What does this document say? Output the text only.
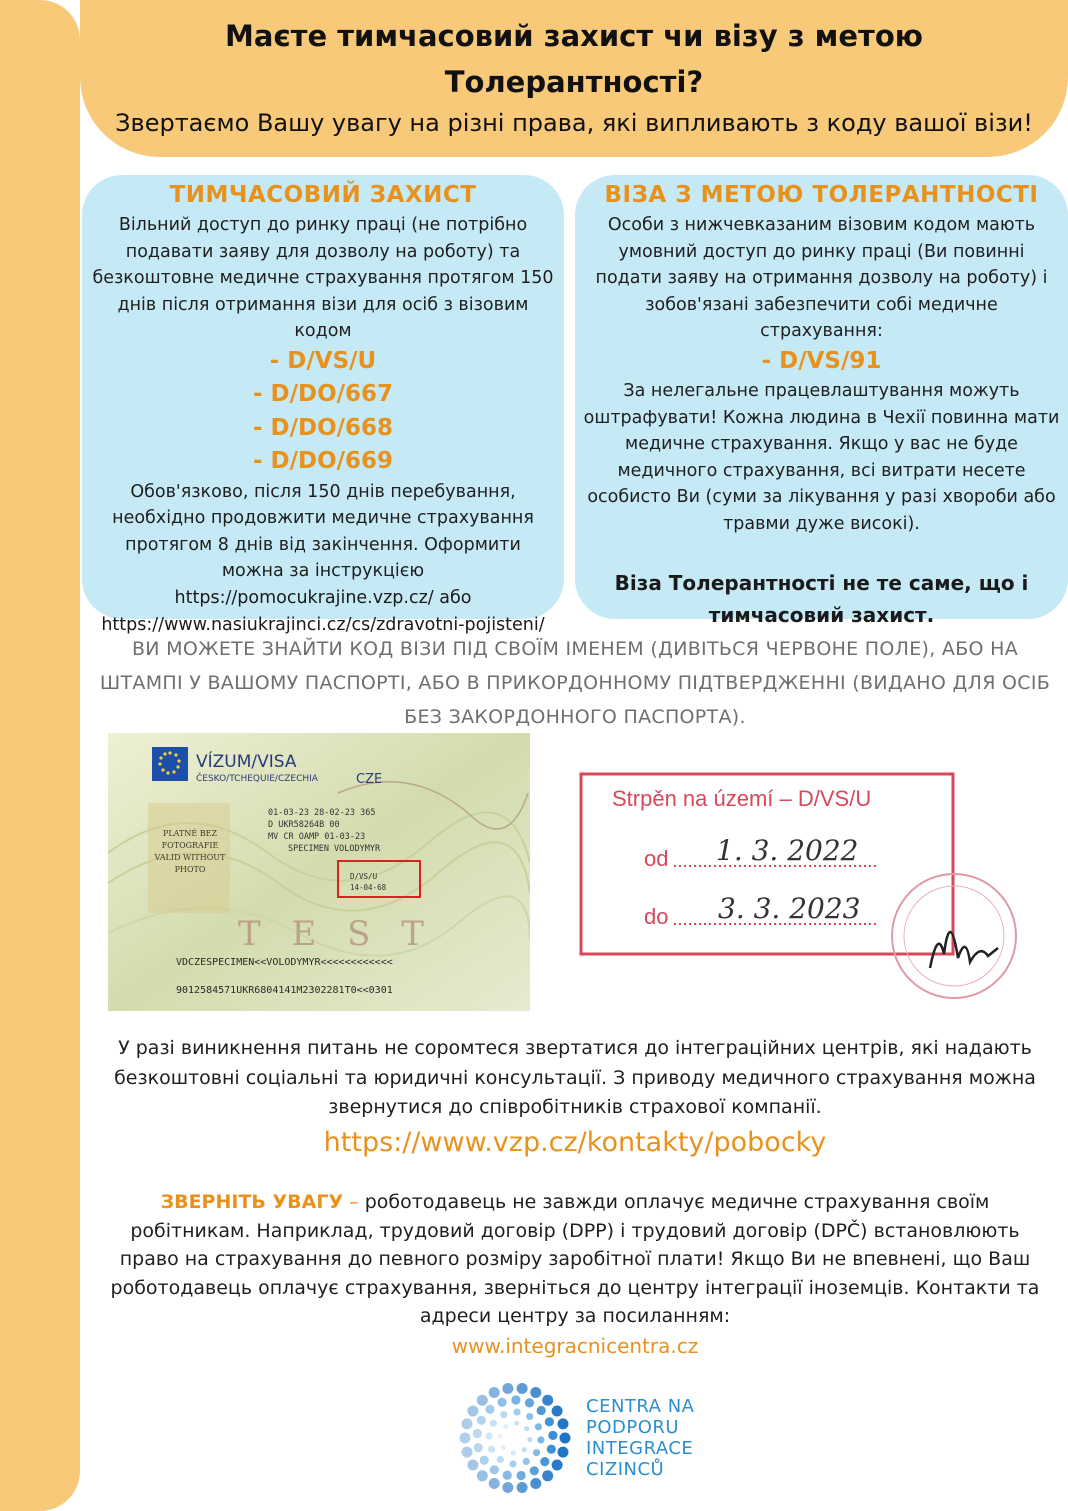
Маєте тимчасовий захист чи візу з метою Толерантності?
Звертаємо Вашу увагу на різні права, які випливають з коду вашої візи!
ТИМЧАСОВИЙ ЗАХИСТ
Вільний доступ до ринку праці (не потрібно подавати заяву для дозволу на роботу) та безкоштовне медичне страхування протягом 150 днів після отримання візи для осіб з візовим кодом
- D/VS/U
- D/DO/667
- D/DO/668
- D/DO/669
Обов'язково, після 150 днів перебування, необхідно продовжити медичне страхування протягом 8 днів від закінчення. Оформити можна за інструкцією
https://pomocukrajine.vzp.cz/ або
https://www.nasiukrajinci.cz/cs/zdravotni-pojisteni/
ВІЗА З МЕТОЮ ТОЛЕРАНТНОСТІ
Особи з нижчевказаним візовим кодом мають умовний доступ до ринку праці (Ви повинні подати заяву на отримання дозволу на роботу) і зобов'язані забезпечити собі медичне страхування:
- D/VS/91
За нелегальне працевлаштування можуть оштрафувати! Кожна людина в Чехії повинна мати медичне страхування. Якщо у вас не буде медичного страхування, всі витрати несете особисто Ви (суми за лікування у разі хвороби або травми дуже високі).
Віза Толерантності не те саме, що і тимчасовий захист.
ВИ МОЖЕТЕ ЗНАЙТИ КОД ВІЗИ ПІД СВОЇМ ІМЕНЕМ (ДИВІТЬСЯ ЧЕРВОНЕ ПОЛЕ), АБО НА ШТАМПІ У ВАШОМУ ПАСПОРТІ, АБО В ПРИКОРДОННОМУ ПІДТВЕРДЖЕННІ (ВИДАНО ДЛЯ ОСІБ БЕЗ ЗАКОРДОННОГО ПАСПОРТА).
VÍZUM/VISA
ČESKO/TCHEQUIE/CZECHIA	CZE
PLATNÉ BEZ FOTOGRAFIE VALID WITHOUT PHOTO
01-03-23 28-02-23 365
D UKR58264B 00
MV CR OAMP 01-03-23
SPECIMEN VOLODYMYR
D/VS/U
14-04-68
T E S T
VDCZESPECIMEN<<VOLODYMYR<<<<<<<<<<<<
9012584571UKR6804141M2302281T0<<0301
Strpěn na území – D/VS/U
od 1. 3. 2022
do 3. 3. 2023
У разі виникнення питань не соромтеся звертатися до інтеграційних центрів, які надають безкоштовні соціальні та юридичні консультації. З приводу медичного страхування можна звернутися до співробітників страхової компанії.
https://www.vzp.cz/kontakty/pobocky
ЗВЕРНІТЬ УВАГУ – роботодавець не завжди оплачує медичне страхування своїм робітникам. Наприклад, трудовий договір (DPP) і трудовий договір (DPČ) встановлюють право на страхування до певного розміру заробітної плати! Якщо Ви не впевнені, що Ваш роботодавець оплачує страхування, зверніться до центру інтеграції іноземців. Контакти та адреси центру за посиланням:
www.integracnicentra.cz
CENTRA NA
PODPORU
INTEGRACE
CIZINCŮ
